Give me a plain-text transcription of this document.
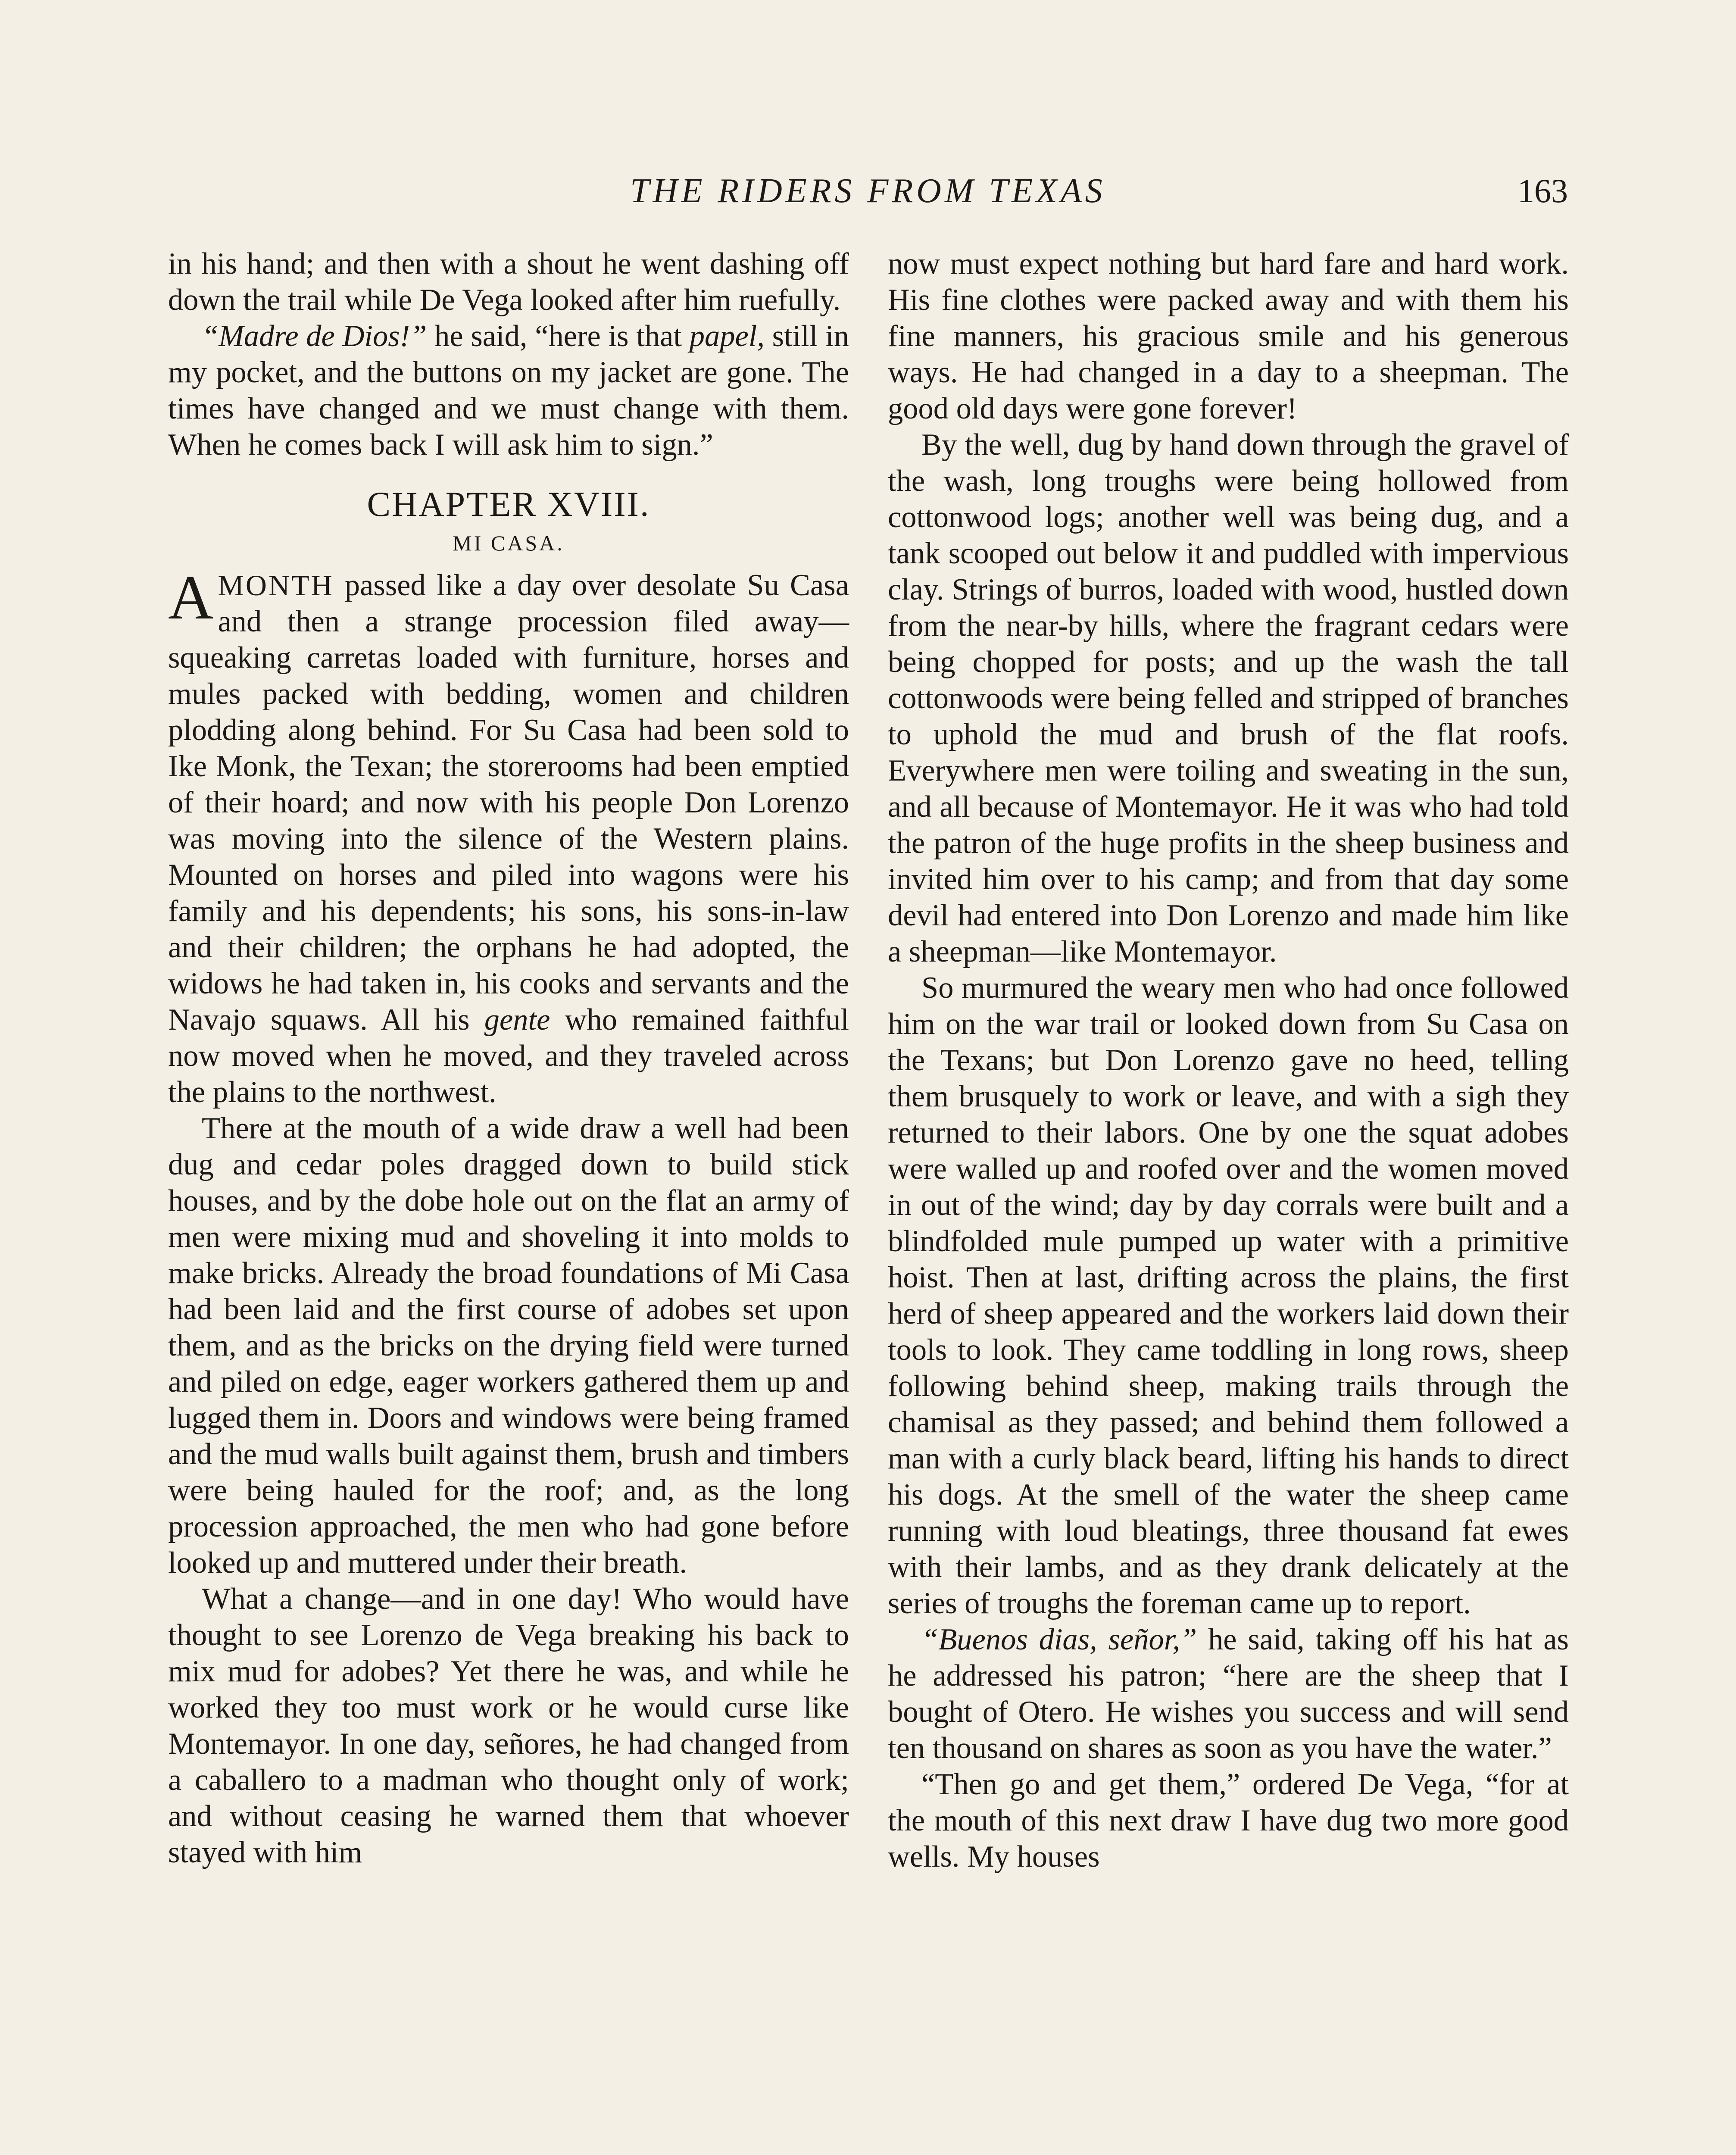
THE RIDERS FROM TEXAS	163

in his hand; and then with a shout he went dashing off down the trail while De Vega looked after him ruefully.

“Madre de Dios!” he said, “here is that papel, still in my pocket, and the buttons on my jacket are gone. The times have changed and we must change with them. When he comes back I will ask him to sign.”

CHAPTER XVIII.
MI CASA.

AMONTH passed like a day over desolate Su Casa and then a strange procession filed away—squeaking carretas loaded with furniture, horses and mules packed with bedding, women and children plodding along behind. For Su Casa had been sold to Ike Monk, the Texan; the storerooms had been emptied of their hoard; and now with his people Don Lorenzo was moving into the silence of the Western plains. Mounted on horses and piled into wagons were his family and his dependents; his sons, his sons-in-law and their children; the orphans he had adopted, the widows he had taken in, his cooks and servants and the Navajo squaws. All his gente who remained faithful now moved when he moved, and they traveled across the plains to the northwest.

There at the mouth of a wide draw a well had been dug and cedar poles dragged down to build stick houses, and by the dobe hole out on the flat an army of men were mixing mud and shoveling it into molds to make bricks. Already the broad foundations of Mi Casa had been laid and the first course of adobes set upon them, and as the bricks on the drying field were turned and piled on edge, eager workers gathered them up and lugged them in. Doors and windows were being framed and the mud walls built against them, brush and timbers were being hauled for the roof; and, as the long procession approached, the men who had gone before looked up and muttered under their breath.

What a change—and in one day! Who would have thought to see Lorenzo de Vega breaking his back to mix mud for adobes? Yet there he was, and while he worked they too must work or he would curse like Montemayor. In one day, señores, he had changed from a caballero to a madman who thought only of work; and without ceasing he warned them that whoever stayed with him

now must expect nothing but hard fare and hard work. His fine clothes were packed away and with them his fine manners, his gracious smile and his generous ways. He had changed in a day to a sheepman. The good old days were gone forever!

By the well, dug by hand down through the gravel of the wash, long troughs were being hollowed from cottonwood logs; another well was being dug, and a tank scooped out below it and puddled with impervious clay. Strings of burros, loaded with wood, hustled down from the near-by hills, where the fragrant cedars were being chopped for posts; and up the wash the tall cottonwoods were being felled and stripped of branches to uphold the mud and brush of the flat roofs. Everywhere men were toiling and sweating in the sun, and all because of Montemayor. He it was who had told the patron of the huge profits in the sheep business and invited him over to his camp; and from that day some devil had entered into Don Lorenzo and made him like a sheepman—like Montemayor.

So murmured the weary men who had once followed him on the war trail or looked down from Su Casa on the Texans; but Don Lorenzo gave no heed, telling them brusquely to work or leave, and with a sigh they returned to their labors. One by one the squat adobes were walled up and roofed over and the women moved in out of the wind; day by day corrals were built and a blindfolded mule pumped up water with a primitive hoist. Then at last, drifting across the plains, the first herd of sheep appeared and the workers laid down their tools to look. They came toddling in long rows, sheep following behind sheep, making trails through the chamisal as they passed; and behind them followed a man with a curly black beard, lifting his hands to direct his dogs. At the smell of the water the sheep came running with loud bleatings, three thousand fat ewes with their lambs, and as they drank delicately at the series of troughs the foreman came up to report.

“Buenos dias, señor,” he said, taking off his hat as he addressed his patron; “here are the sheep that I bought of Otero. He wishes you success and will send ten thousand on shares as soon as you have the water.”

“Then go and get them,” ordered De Vega, “for at the mouth of this next draw I have dug two more good wells. My houses
